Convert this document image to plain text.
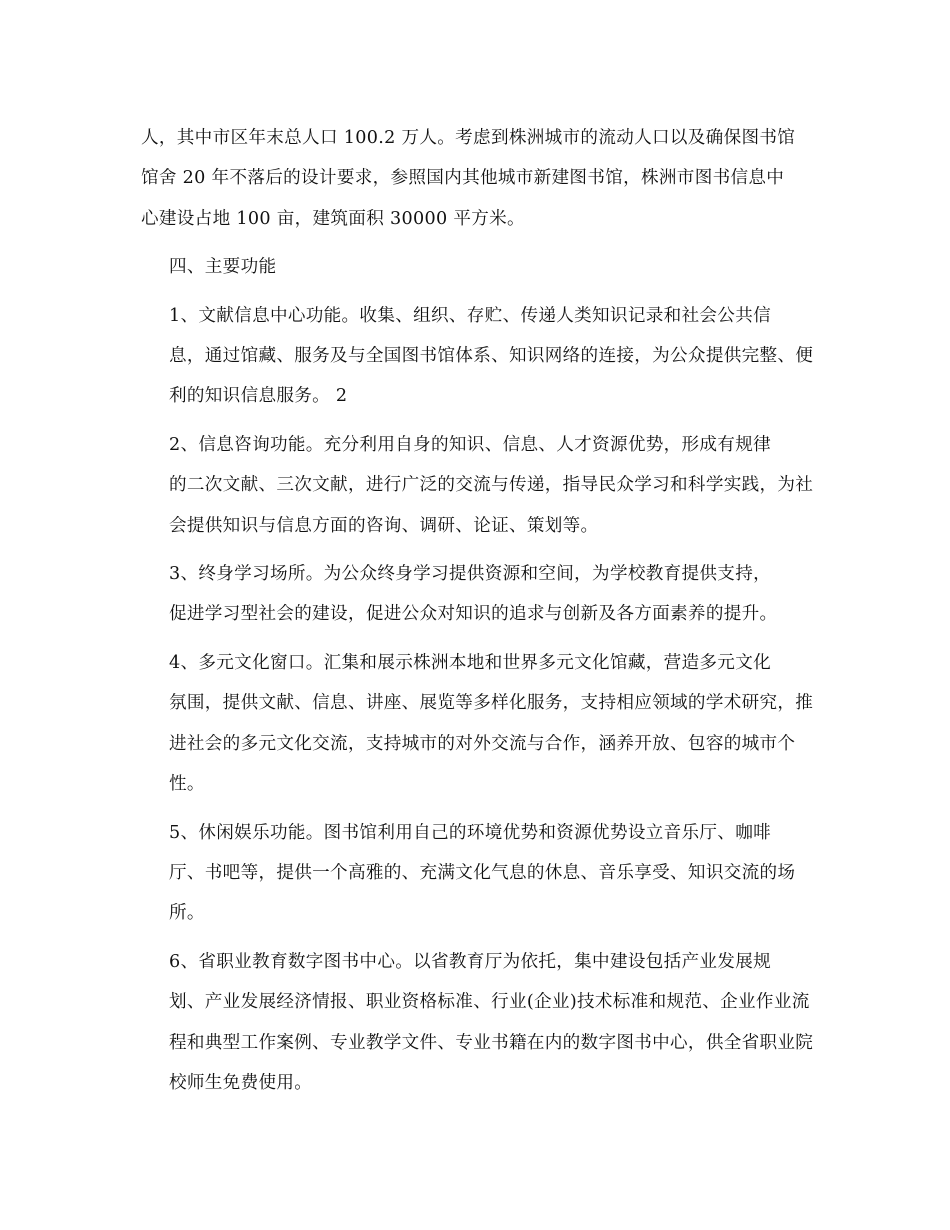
人，其中市区年末总人口 100.2 万人。考虑到株洲城市的流动人口以及确保图书馆
馆舍 20 年不落后的设计要求，参照国内其他城市新建图书馆，株洲市图书信息中
心建设占地 100 亩，建筑面积 30000 平方米。

四、主要功能

1、文献信息中心功能。收集、组织、存贮、传递人类知识记录和社会公共信
息，通过馆藏、服务及与全国图书馆体系、知识网络的连接，为公众提供完整、便
利的知识信息服务。 2

2、信息咨询功能。充分利用自身的知识、信息、人才资源优势，形成有规律
的二次文献、三次文献，进行广泛的交流与传递，指导民众学习和科学实践，为社
会提供知识与信息方面的咨询、调研、论证、策划等。

3、终身学习场所。为公众终身学习提供资源和空间，为学校教育提供支持，
促进学习型社会的建设，促进公众对知识的追求与创新及各方面素养的提升。

4、多元文化窗口。汇集和展示株洲本地和世界多元文化馆藏，营造多元文化
氛围，提供文献、信息、讲座、展览等多样化服务，支持相应领域的学术研究，推
进社会的多元文化交流，支持城市的对外交流与合作，涵养开放、包容的城市个
性。

5、休闲娱乐功能。图书馆利用自己的环境优势和资源优势设立音乐厅、咖啡
厅、书吧等，提供一个高雅的、充满文化气息的休息、音乐享受、知识交流的场
所。

6、省职业教育数字图书中心。以省教育厅为依托，集中建设包括产业发展规
划、产业发展经济情报、职业资格标准、行业(企业)技术标准和规范、企业作业流
程和典型工作案例、专业教学文件、专业书籍在内的数字图书中心，供全省职业院
校师生免费使用。
